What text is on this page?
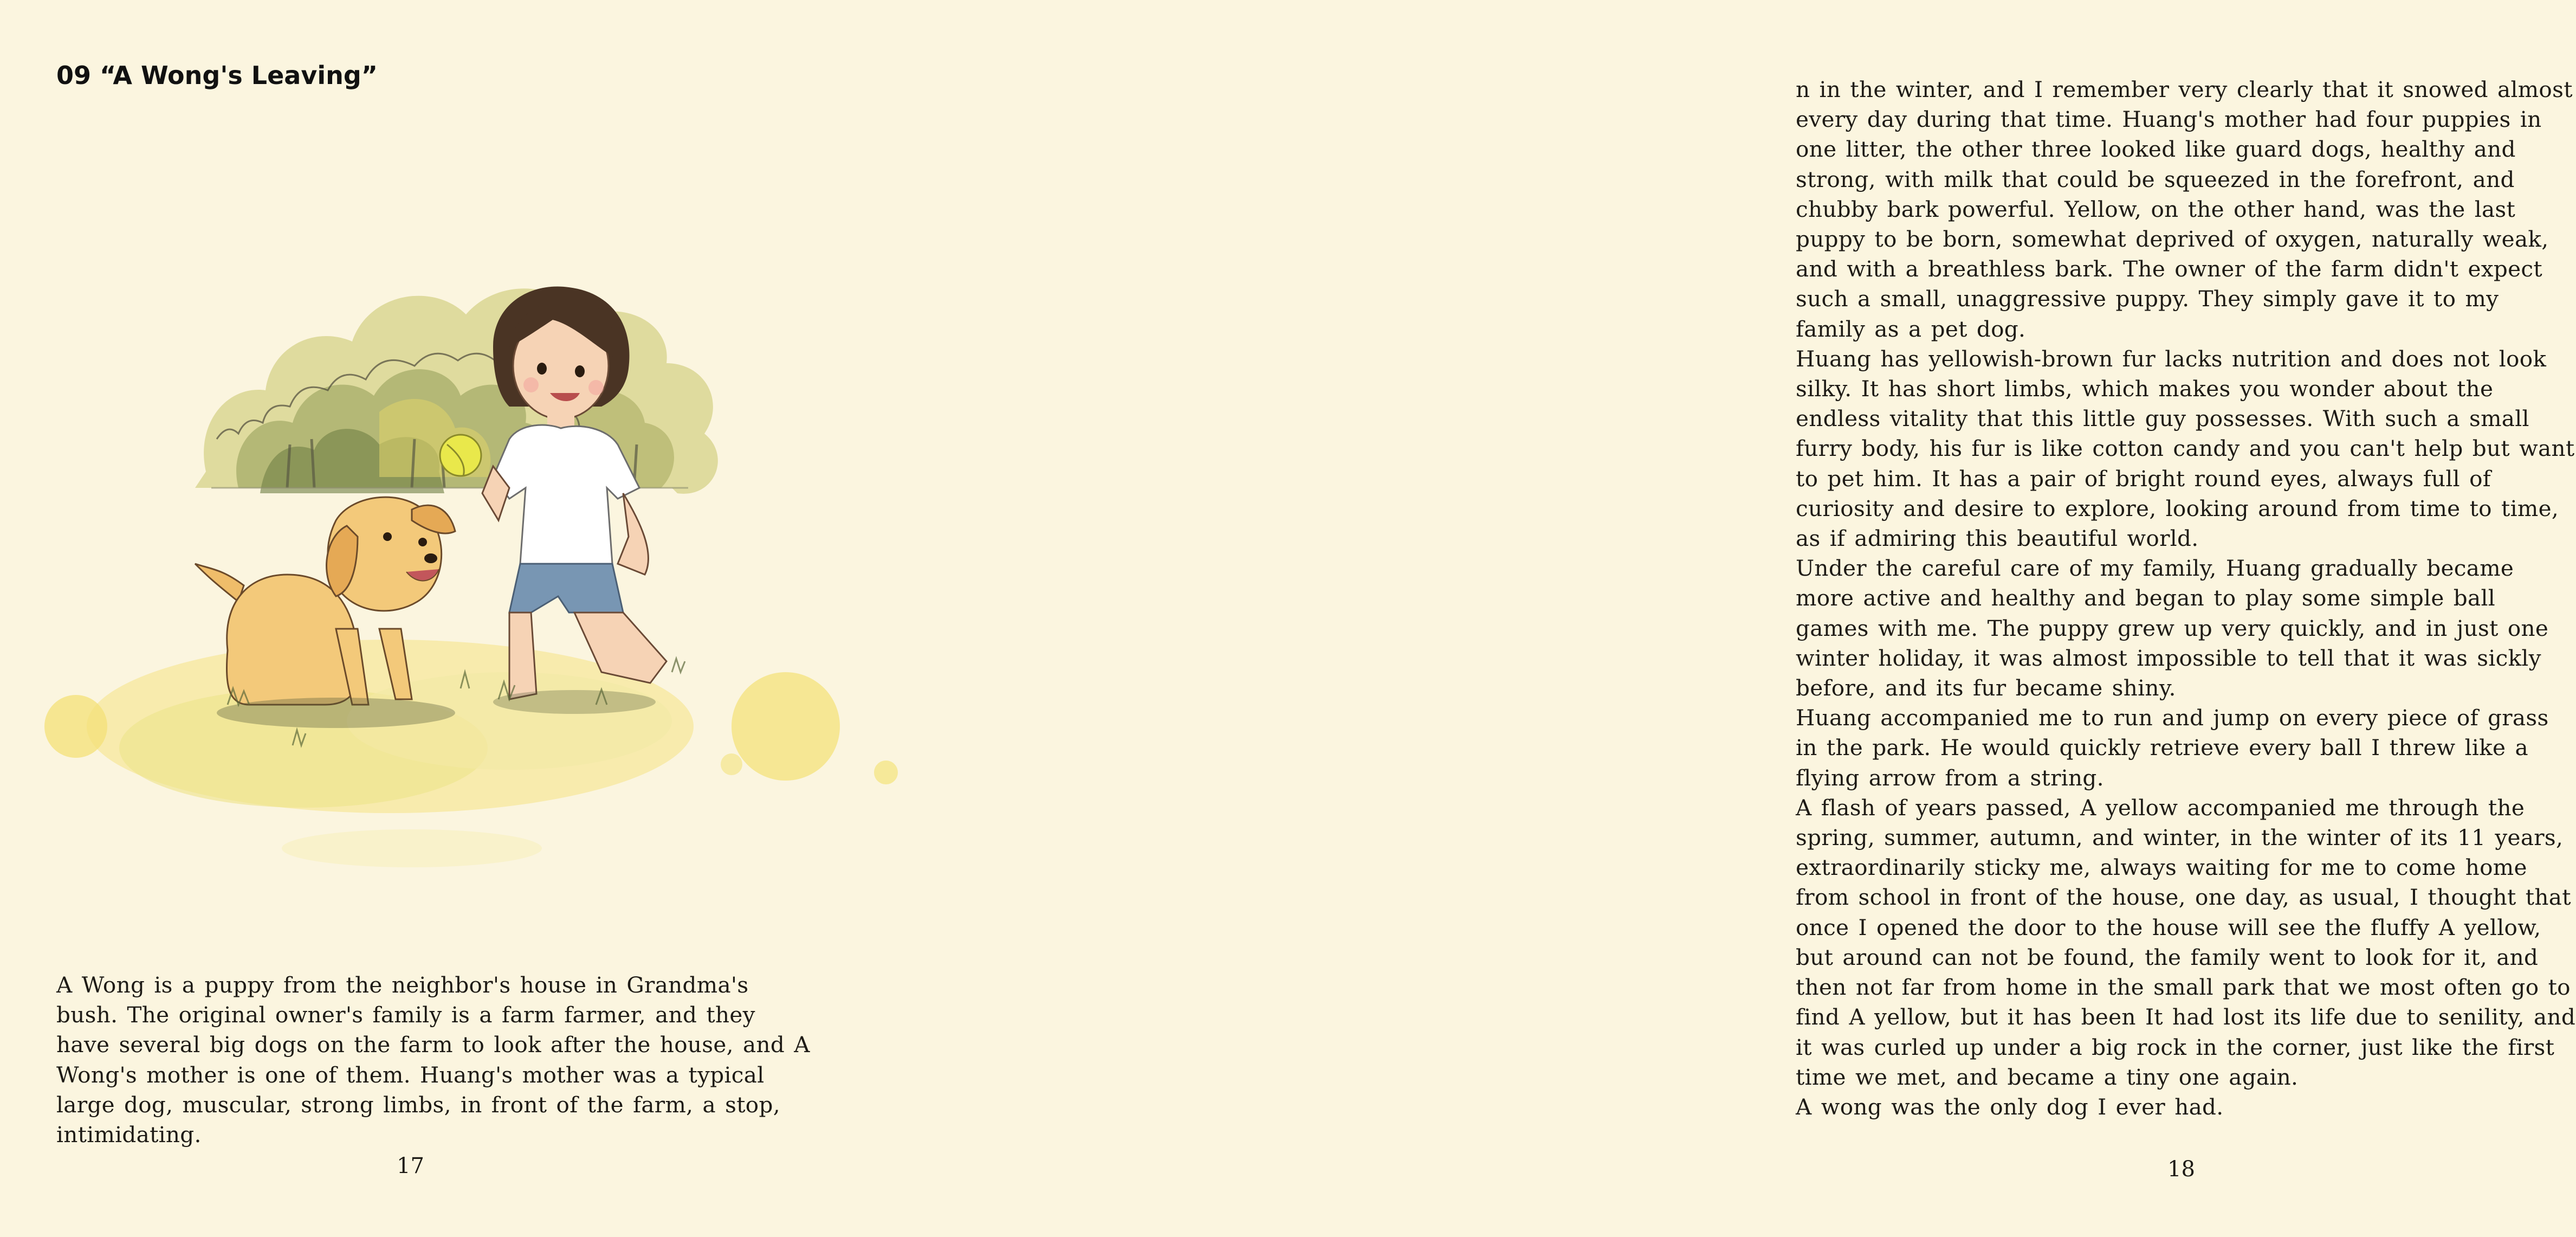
09 “A Wong's Leaving”

A Wong is a puppy from the neighbor's house in Grandma's bush. The original owner's family is a farm farmer, and they have several big dogs on the farm to look after the house, and A Wong's mother is one of them. Huang's mother was a typical large dog, muscular, strong limbs, in front of the farm, a stop, intimidating.

17

n in the winter, and I remember very clearly that it snowed almost every day during that time. Huang's mother had four puppies in one litter, the other three looked like guard dogs, healthy and strong, with milk that could be squeezed in the forefront, and chubby bark powerful. Yellow, on the other hand, was the last puppy to be born, somewhat deprived of oxygen, naturally weak, and with a breathless bark. The owner of the farm didn't expect such a small, unaggressive puppy. They simply gave it to my family as a pet dog.

Huang has yellowish-brown fur lacks nutrition and does not look silky. It has short limbs, which makes you wonder about the endless vitality that this little guy possesses. With such a small furry body, his fur is like cotton candy and you can't help but want to pet him. It has a pair of bright round eyes, always full of curiosity and desire to explore, looking around from time to time, as if admiring this beautiful world.

Under the careful care of my family, Huang gradually became more active and healthy and began to play some simple ball games with me. The puppy grew up very quickly, and in just one winter holiday, it was almost impossible to tell that it was sickly before, and its fur became shiny.

Huang accompanied me to run and jump on every piece of grass in the park. He would quickly retrieve every ball I threw like a flying arrow from a string.

A flash of years passed, A yellow accompanied me through the spring, summer, autumn, and winter, in the winter of its 11 years, extraordinarily sticky me, always waiting for me to come home from school in front of the house, one day, as usual, I thought that once I opened the door to the house will see the fluffy A yellow, but around can not be found, the family went to look for it, and then not far from home in the small park that we most often go to find A yellow, but it has been It had lost its life due to senility, and it was curled up under a big rock in the corner, just like the first time we met, and became a tiny one again.

A wong was the only dog I ever had.

18
